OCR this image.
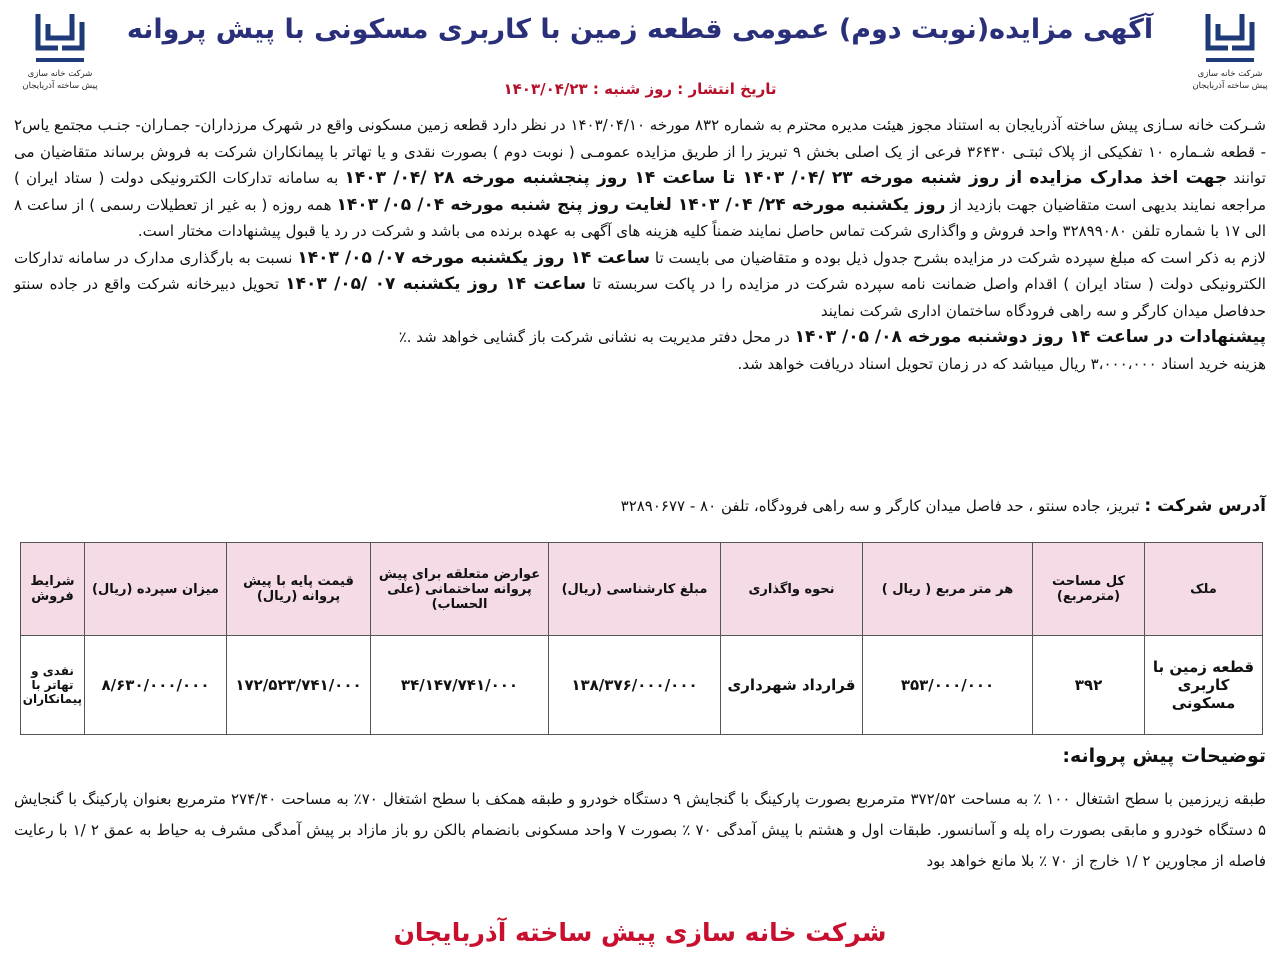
شرکت خانه سازی
پیش ساخته آذربایجان
شرکت خانه سازی
پیش ساخته آذربایجان
آگهی مزایده(نوبت دوم) عمومی قطعه زمین با کاربری مسکونی با پیش پروانه
تاریخ انتشار : روز شنبه : ۱۴۰۳/۰۴/۲۳

شـرکت خانه سـازی پیش ساخته آذربایجان به استناد مجوز هیئت مدیره محترم به شماره ۸۳۲ مورخه ۱۴۰۳/۰۴/۱۰ در نظر دارد قطعه زمین مسکونی واقع در شهرک مرزداران- جمـاران- جنـب مجتمع یاس۲ - قطعه شـماره ۱۰ تفکیکی از پلاک ثبتـی ۳۶۴۳۰ فرعی از یک اصلی بخش ۹ تبریز را از طریق مزایده عمومـی ( نوبت دوم ) بصورت نقدی و یا تهاتر با پیمانکاران شرکت به فروش برساند متقاضیان می توانند جهت اخذ مدارک مزایده از روز شنبه مورخه ۲۳ /۰۴/ ۱۴۰۳ تا ساعت ۱۴ روز پنجشنبه مورخه ۲۸ /۰۴/ ۱۴۰۳ به سامانه تدارکات الکترونیکی دولت ( ستاد ایران ) مراجعه نمایند بدیهی است متقاضیان جهت بازدید از روز یکشنبه مورخه ۲۴/ ۰۴/ ۱۴۰۳ لغایت روز پنج شنبه مورخه ۰۴/ ۰۵/ ۱۴۰۳ همه روزه ( به غیر از تعطیلات رسمی ) از ساعت ۸ الی ۱۷ با شماره تلفن ۳۲۸۹۹۰۸۰ واحد فروش و واگذاری شرکت تماس حاصل نمایند ضمناً کلیه هزینه های آگهی به عهده برنده می باشد و شرکت در رد یا قبول پیشنهادات مختار است.

لازم به ذکر است که مبلغ سپرده شرکت در مزایده بشرح جدول ذیل بوده و متقاضیان می بایست تا ساعت ۱۴ روز یکشنبه مورخه ۰۷/ ۰۵/ ۱۴۰۳ نسبت به بارگذاری مدارک در سامانه تدارکات الکترونیکی دولت ( ستاد ایران ) اقدام واصل ضمانت نامه سپرده شرکت در مزایده را در پاکت سربسته تا ساعت ۱۴ روز یکشنبه ۰۷ /۰۵/ ۱۴۰۳ تحویل دبیرخانه شرکت واقع در جاده سنتو حدفاصل میدان کارگر و سه راهی فرودگاه ساختمان اداری شرکت نمایند

پیشنهادات در ساعت ۱۴ روز دوشنبه مورخه ۰۸/ ۰۵/ ۱۴۰۳ در محل دفتر مدیریت به نشانی شرکت باز گشایی خواهد شد .٪

هزینه خرید اسناد ۳،۰۰۰،۰۰۰ ریال میباشد که در زمان تحویل اسناد دریافت خواهد شد.

آدرس شرکت : تبریز، جاده سنتو ، حد فاصل میدان کارگر و سه راهی فرودگاه، تلفن ۸۰ - ۳۲۸۹۰۶۷۷
ملک	کل مساحت (مترمربع)	هر متر مربع ( ریال )	نحوه واگذاری	مبلغ کارشناسی (ریال)	عوارض متعلقه برای پیش پروانه ساختمانی (علی الحساب)	قیمت پایه با پیش پروانه (ریال)	میزان سپرده (ریال)	شرایط فروش
قطعه زمین با کاربری مسکونی	۳۹۲	۳۵۳/۰۰۰/۰۰۰	قرارداد شهرداری	۱۳۸/۳۷۶/۰۰۰/۰۰۰	۳۴/۱۴۷/۷۴۱/۰۰۰	۱۷۲/۵۲۳/۷۴۱/۰۰۰	۸/۶۳۰/۰۰۰/۰۰۰	نقدی و تهاتر با پیمانکاران
توضیحات پیش پروانه:
طبقه زیرزمین با سطح اشتغال ۱۰۰ ٪ به مساحت ۳۷۲/۵۲ مترمربع بصورت پارکینگ با گنجایش ۹ دستگاه خودرو و طبقه همکف با سطح اشتغال ۷۰٪ به مساحت ۲۷۴/۴۰ مترمربع بعنوان پارکینگ با گنجایش ۵ دستگاه خودرو و مابقی بصورت راه پله و آسانسور. طبقات اول و هشتم با پیش آمدگی ۷۰ ٪ بصورت ۷ واحد مسکونی بانضمام بالکن رو باز مازاد بر پیش آمدگی مشرف به حیاط به عمق ۲ /۱ با رعایت فاصله از مجاورین ۲ /۱ خارج از ۷۰ ٪ بلا مانع خواهد بود
شرکت خانه سازی پیش ساخته آذربایجان
